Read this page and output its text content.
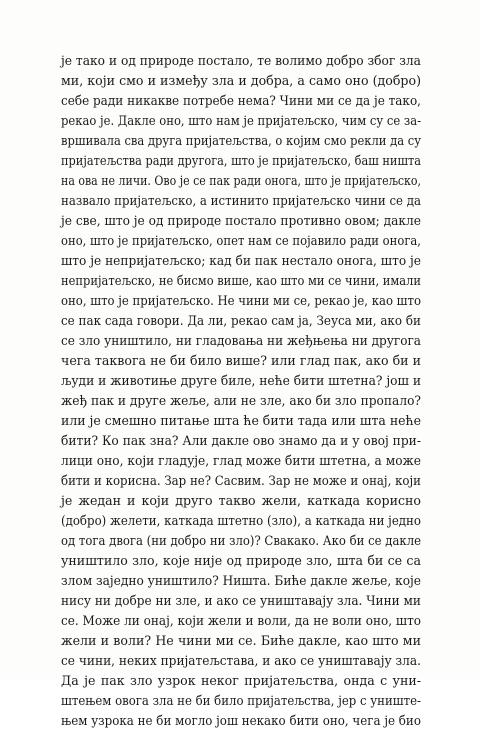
је тако и од природе постало, те волимо добро због зла
ми, који смо и између зла и добра, а само оно (добро)
себе ради никакве потребе нема? Чини ми се да је тако,
рекао је. Дакле оно, што нам је пријатељско, чим су се за-
вршивала сва друга пријатељства, о којим смо рекли да су
пријатељства ради другога, што је пријатељско, баш ништа
на ова не личи. Ово је се пак ради онога, што је пријатељско,
назвало пријатељско, а истинито пријатељско чини се да
је све, што је од природе постало противно овом; дакле
оно, што је пријатељско, опет нам се појавило ради онога,
што је непријатељско; кад би пак нестало онога, што је
непријатељско, не бисмо више, као што ми се чини, имали
оно, што је пријатељско. Не чини ми се, рекао је, као што
се пак сада говори. Да ли, рекао сам ја, Зеуса ми, ако би
се зло уништило, ни гладовања ни жеђњења ни другога
чега таквога не би било више? или глад пак, ако би и
људи и животиње друге биле, неће бити штетна? још и
жеђ пак и друге жеље, али не зле, ако би зло пропало?
или је смешно питање шта ће бити тада или шта неће
бити? Ко пак зна? Али дакле ово знамо да и у овој при-
лици оно, који гладује, глад може бити штетна, а може
бити и корисна. Зар не? Сасвим. Зар не може и онај, који
је жедан и који друго такво жели, каткада корисно
(добро) желети, каткада штетно (зло), а каткада ни једно
од тога двога (ни добро ни зло)? Свакако. Ако би се дакле
уништило зло, које није од природе зло, шта би се са
злом заједно уништило? Ништа. Биће дакле жеље, које
нису ни добре ни зле, и ако се уништавају зла. Чини ми
се. Може ли онај, који жели и воли, да не воли оно, што
жели и воли? Не чини ми се. Биће дакле, као што ми
се чини, неких пријатељстава, и ако се уништавају зла.
Да је пак зло узрок неког пријатељства, онда с уни-
штењем овога зла не би било пријатељства, јер с униште-
њем узрока не би могло још некако бити оно, чега је био
